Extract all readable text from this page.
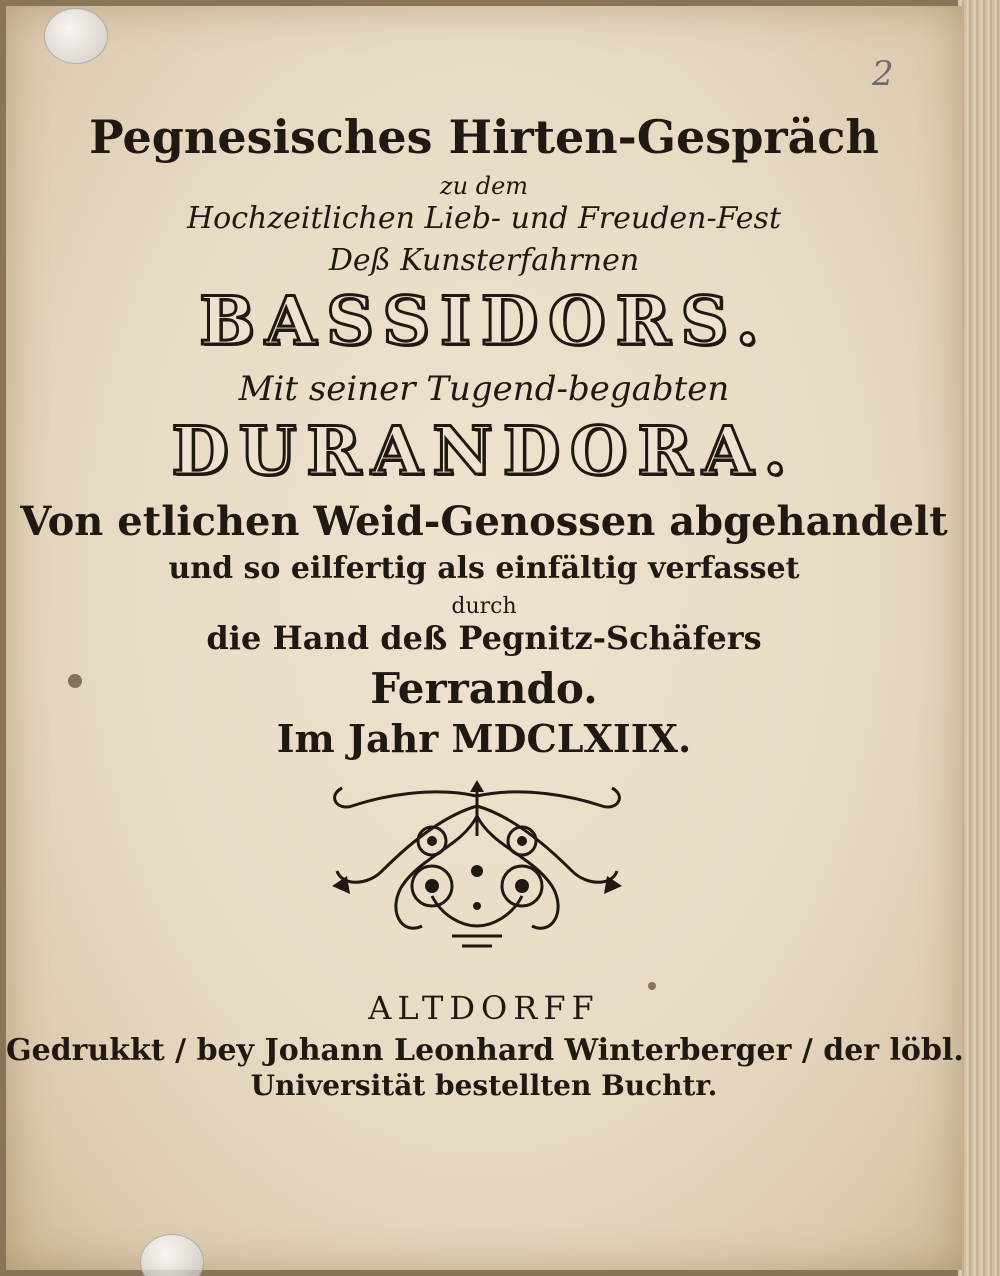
2
Pegnesisches Hirten-Gespräch
zu dem
Hochzeitlichen Lieb- und Freuden-Fest
Deß Kunsterfahrnen
BASSIDORS.
Mit seiner Tugend-begabten
DURANDORA.
Von etlichen Weid-Genossen abgehandelt
und so eilfertig als einfältig verfasset
durch
die Hand deß Pegnitz-Schäfers
Ferrando.
Im Jahr MDCLXIIX.
ALTDORFF
Gedrukkt / bey Johann Leonhard Winterberger / der löbl.
Universität bestellten Buchtr.
